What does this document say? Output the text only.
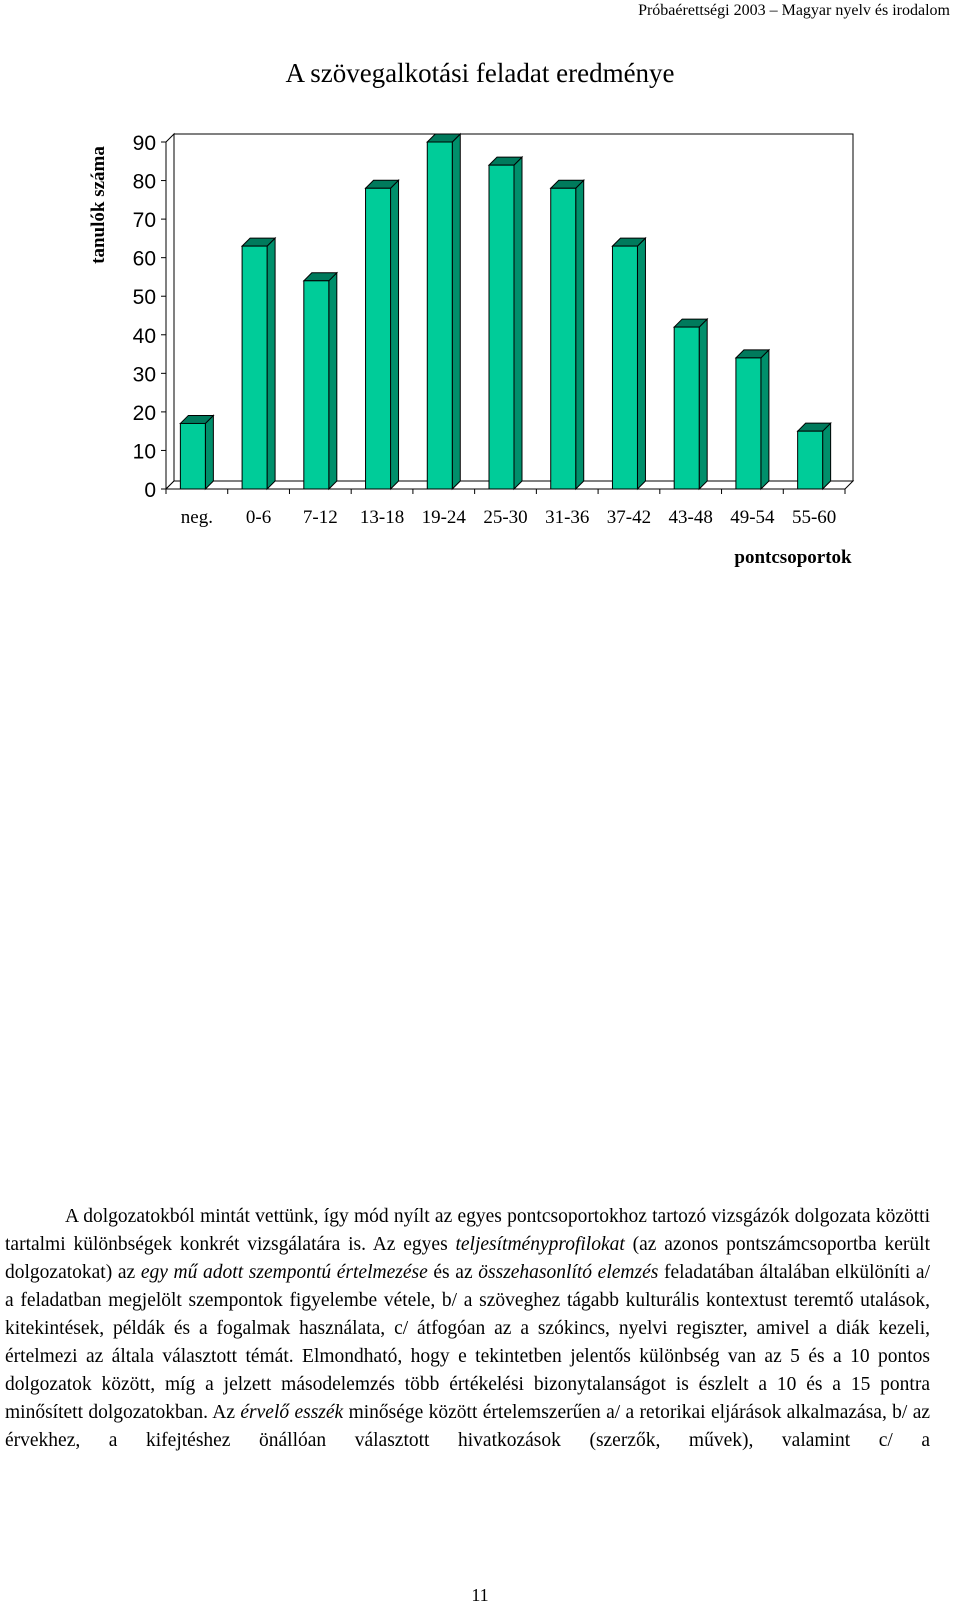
Próbaérettségi 2003 – Magyar nyelv és irodalom
A szövegalkotási feladat eredménye
0
10
20
30
40
50
60
70
80
90
neg. 0-6 7-12 13-18 19-24 25-30 31-36 37-42 43-48 49-54 55-60
tanulók száma
pontcsoportok

A dolgozatokból mintát vettünk, így mód nyílt az egyes pontcsoportokhoz tartozó vizsgázók dolgozata közötti tartalmi különbségek konkrét vizsgálatára is. Az egyes teljesítményprofilokat (az azonos pontszámcsoportba került dolgozatokat) az egy mű adott szempontú értelmezése és az összehasonlító elemzés feladatában általában elkülöníti a/ a feladatban megjelölt szempontok figyelembe vétele, b/ a szöveghez tágabb kulturális kontextust teremtő utalások, kitekintések, példák és a fogalmak használata, c/ átfogóan az a szókincs, nyelvi regiszter, amivel a diák kezeli, értelmezi az általa választott témát. Elmondható, hogy e tekintetben jelentős különbség van az 5 és a 10 pontos dolgozatok között, míg a jelzett másodelemzés több értékelési bizonytalanságot is észlelt a 10 és a 15 pontra minősített dolgozatokban. Az érvelő esszék minősége között értelemszerűen a/ a retorikai eljárások alkalmazása, b/ az érvekhez, a kifejtéshez önállóan választott hivatkozások (szerzők, művek), valamint c/ a

11
